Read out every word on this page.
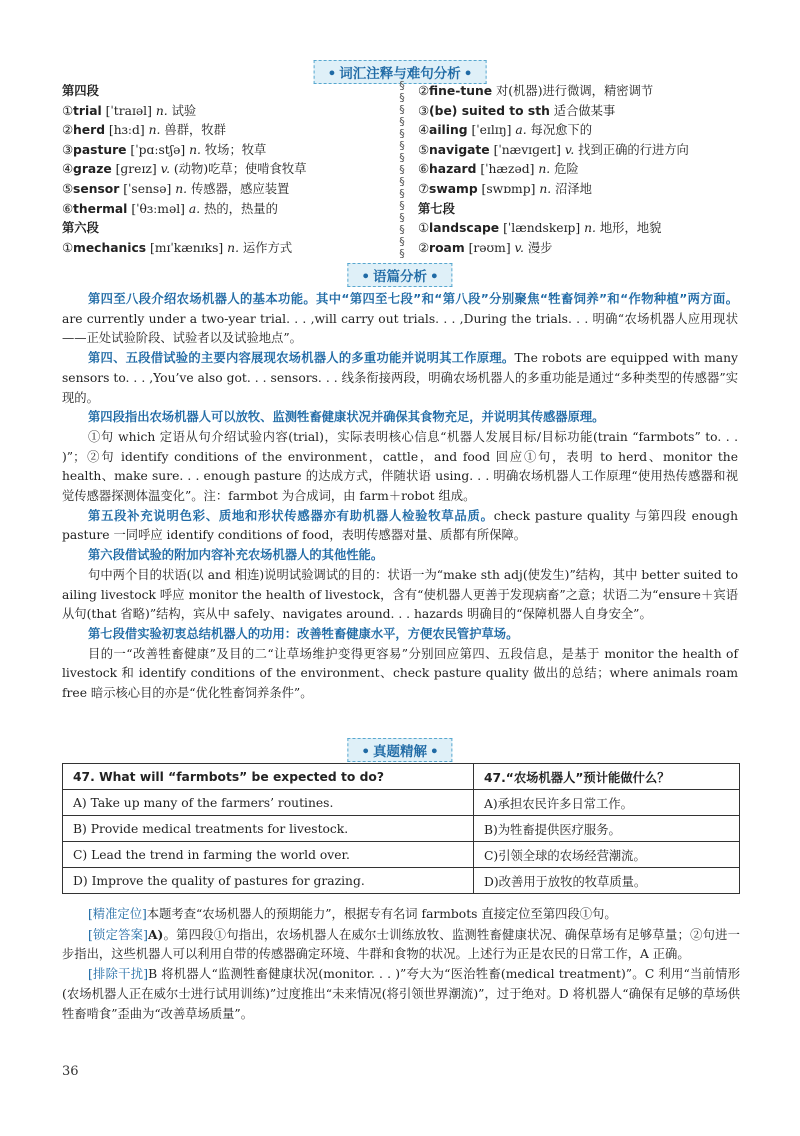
• 词汇注释与难句分析 •
第四段
①trial [ˈtraɪəl] n. 试验
②herd [hɜːd] n. 兽群，牧群
③pasture [ˈpɑːstʃə] n. 牧场；牧草
④graze [ɡreɪz] v. (动物)吃草；使啃食牧草
⑤sensor [ˈsensə] n. 传感器，感应装置
⑥thermal [ˈθɜːməl] a. 热的，热量的
第六段
①mechanics [mɪˈkænɪks] n. 运作方式
§
§
§
§
§
§
§
§
§
§
§
§
§
§
§
②fine-tune 对(机器)进行微调，精密调节
③(be) suited to sth 适合做某事
④ailing [ˈeɪlɪŋ] a. 每况愈下的
⑤navigate [ˈnævɪɡeɪt] v. 找到正确的行进方向
⑥hazard [ˈhæzəd] n. 危险
⑦swamp [swɒmp] n. 沼泽地
第七段
①landscape [ˈlændskeɪp] n. 地形，地貌
②roam [rəʊm] v. 漫步
• 语篇分析 •

第四至八段介绍农场机器人的基本功能。其中“第四至七段”和“第八段”分别聚焦“牲畜饲养”和“作物种植”两方面。are currently under a two-year trial. . . ,will carry out trials. . . ,During the trials. . . 明确“农场机器人应用现状——正处试验阶段、试验者以及试验地点”。

第四、五段借试验的主要内容展现农场机器人的多重功能并说明其工作原理。The robots are equipped with many sensors to. . . ,You’ve also got. . . sensors. . . 线条衔接两段，明确农场机器人的多重功能是通过“多种类型的传感器”实现的。

第四段指出农场机器人可以放牧、监测牲畜健康状况并确保其食物充足，并说明其传感器原理。

①句 which 定语从句介绍试验内容(trial)，实际表明核心信息“机器人发展目标/目标功能(train “farmbots” to. . . )”；②句 identify conditions of the environment，cattle，and food 回应①句，表明 to herd、monitor the health、make sure. . . enough pasture 的达成方式，伴随状语 using. . . 明确农场机器人工作原理“使用热传感器和视觉传感器探测体温变化”。注：farmbot 为合成词，由 farm＋robot 组成。

第五段补充说明色彩、质地和形状传感器亦有助机器人检验牧草品质。check pasture quality 与第四段 enough pasture 一同呼应 identify conditions of food，表明传感器对量、质都有所保障。

第六段借试验的附加内容补充农场机器人的其他性能。

句中两个目的状语(以 and 相连)说明试验调试的目的：状语一为“make sth adj(使发生)”结构，其中 better suited to ailing livestock 呼应 monitor the health of livestock，含有“使机器人更善于发现病畜”之意；状语二为“ensure＋宾语从句(that 省略)”结构，宾从中 safely、navigates around. . . hazards 明确目的“保障机器人自身安全”。

第七段借实验初衷总结机器人的功用：改善牲畜健康水平，方便农民管护草场。

目的一“改善牲畜健康”及目的二“让草场维护变得更容易”分别回应第四、五段信息，是基于 monitor the health of livestock 和 identify conditions of the environment、check pasture quality 做出的总结；where animals roam free 暗示核心目的亦是“优化牲畜饲养条件”。

• 真题精解 •
47. What will “farmbots” be expected to do?	47.“农场机器人”预计能做什么？
A) Take up many of the farmers’ routines.	A)承担农民许多日常工作。
B) Provide medical treatments for livestock.	B)为牲畜提供医疗服务。
C) Lead the trend in farming the world over.	C)引领全球的农场经营潮流。
D) Improve the quality of pastures for grazing.	D)改善用于放牧的牧草质量。

[精准定位]本题考查“农场机器人的预期能力”，根据专有名词 farmbots 直接定位至第四段①句。

[锁定答案]A)。第四段①句指出，农场机器人在威尔士训练放牧、监测牲畜健康状况、确保草场有足够草量；②句进一步指出，这些机器人可以利用自带的传感器确定环境、牛群和食物的状况。上述行为正是农民的日常工作，A 正确。

[排除干扰]B 将机器人“监测牲畜健康状况(monitor. . . )”夸大为“医治牲畜(medical treatment)”。C 利用“当前情形(农场机器人正在威尔士进行试用训练)”过度推出“未来情况(将引领世界潮流)”，过于绝对。D 将机器人“确保有足够的草场供牲畜啃食”歪曲为“改善草场质量”。

36
